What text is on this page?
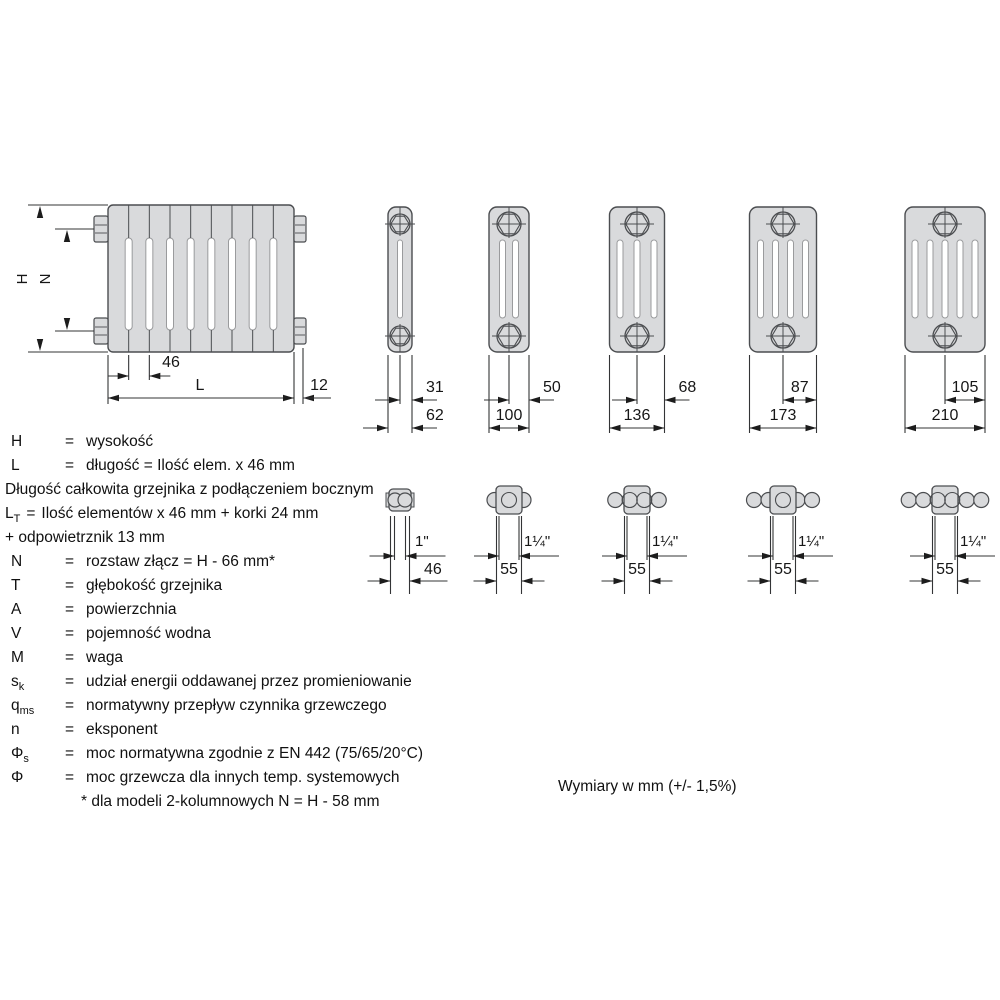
H N
46
L	12	31
62
1"
46
50
100
1¼"
55
68
136
1¼"
55
87
173
1¼"
55
105
210
1¼"
55
H	= wysokość
L	= długość = Ilość elem. x 46 mm
Długość całkowita grzejnika z podłączeniem bocznym
$L_T$ = Ilość elementów x 46 mm + korki 24 mm
+ odpowietrznik 13 mm
N	= rozstaw złącz = H - 66 mm*
T	= głębokość grzejnika
A	= powierzchnia
V	= pojemność wodna
M	= waga
$s_k$	= udział energii oddawanej przez promieniowanie
$q_{ms}$	= normatywny przepływ czynnika grzewczego
n	= eksponent
$\Phi_s$	= moc normatywna zgodnie z EN 442 (75/65/20°C)
Φ	= moc grzewcza dla innych temp. systemowych
* dla modeli 2-kolumnowych N = H - 58 mm
Wymiary w mm (+/- 1,5%)
